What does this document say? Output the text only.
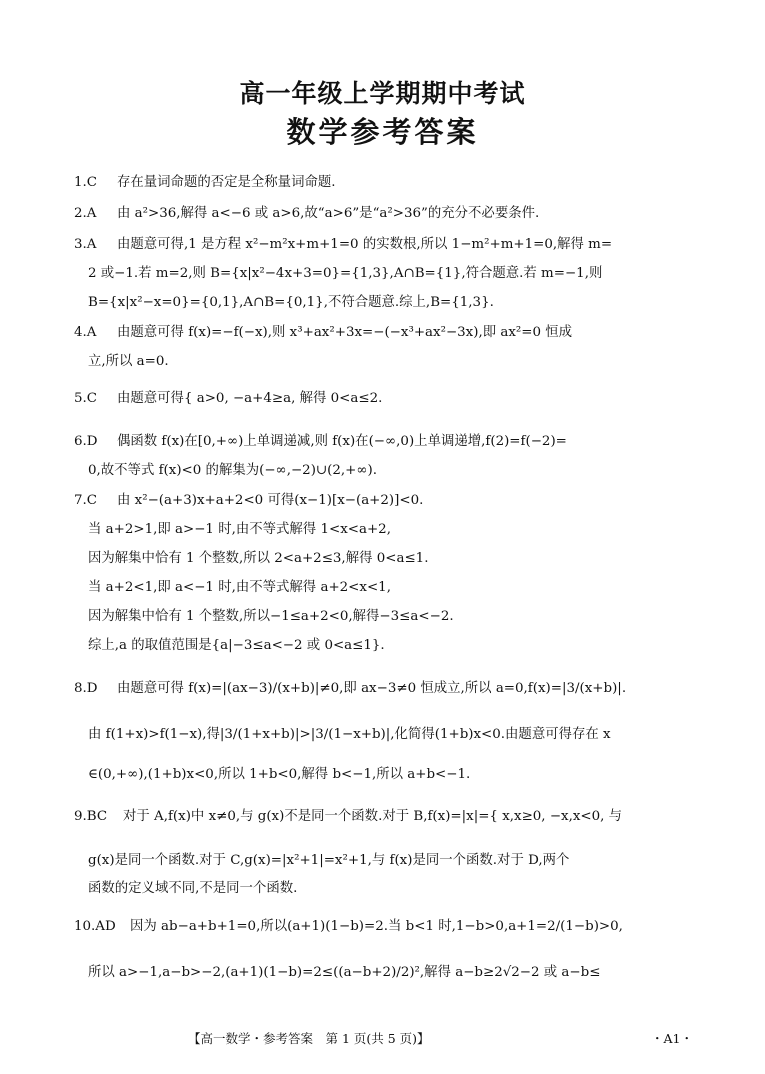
高一年级上学期期中考试
数学参考答案
1.C 存在量词命题的否定是全称量词命题.
2.A 由 a²>36,解得 a<−6 或 a>6,故“a>6”是“a²>36”的充分不必要条件.
3.A 由题意可得,1 是方程 x²−m²x+m+1=0 的实数根,所以 1−m²+m+1=0,解得 m=
2 或−1.若 m=2,则 B={x|x²−4x+3=0}={1,3},A∩B={1},符合题意.若 m=−1,则
B={x|x²−x=0}={0,1},A∩B={0,1},不符合题意.综上,B={1,3}.
4.A 由题意可得 f(x)=−f(−x),则 x³+ax²+3x=−(−x³+ax²−3x),即 ax²=0 恒成
立,所以 a=0.
5.C 由题意可得{ a>0, −a+4≥a, 解得 0<a≤2.
6.D 偶函数 f(x)在[0,+∞)上单调递减,则 f(x)在(−∞,0)上单调递增,f(2)=f(−2)=
0,故不等式 f(x)<0 的解集为(−∞,−2)∪(2,+∞).
7.C 由 x²−(a+3)x+a+2<0 可得(x−1)[x−(a+2)]<0.
当 a+2>1,即 a>−1 时,由不等式解得 1<x<a+2,
因为解集中恰有 1 个整数,所以 2<a+2≤3,解得 0<a≤1.
当 a+2<1,即 a<−1 时,由不等式解得 a+2<x<1,
因为解集中恰有 1 个整数,所以−1≤a+2<0,解得−3≤a<−2.
综上,a 的取值范围是{a|−3≤a<−2 或 0<a≤1}.
8.D 由题意可得 f(x)=|(ax−3)/(x+b)|≠0,即 ax−3≠0 恒成立,所以 a=0,f(x)=|3/(x+b)|.
由 f(1+x)>f(1−x),得|3/(1+x+b)|>|3/(1−x+b)|,化简得(1+b)x<0.由题意可得存在 x
∈(0,+∞),(1+b)x<0,所以 1+b<0,解得 b<−1,所以 a+b<−1.
9.BC 对于 A,f(x)中 x≠0,与 g(x)不是同一个函数.对于 B,f(x)=|x|={ x,x≥0, −x,x<0, 与
g(x)是同一个函数.对于 C,g(x)=|x²+1|=x²+1,与 f(x)是同一个函数.对于 D,两个
函数的定义域不同,不是同一个函数.
10.AD 因为 ab−a+b+1=0,所以(a+1)(1−b)=2.当 b<1 时,1−b>0,a+1=2/(1−b)>0,
所以 a>−1,a−b>−2,(a+1)(1−b)=2≤((a−b+2)/2)²,解得 a−b≥2√2−2 或 a−b≤
【高一数学・参考答案　第 1 页(共 5 页)】	・A1・
